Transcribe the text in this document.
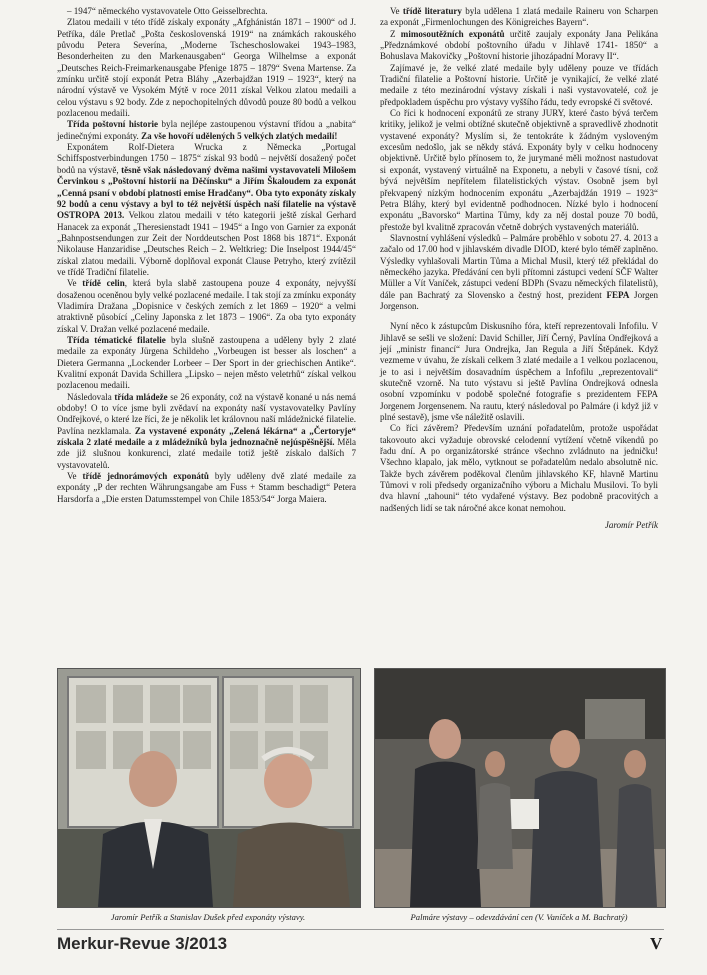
– 1947“ německého vystavovatele Otto Geisselbrechta.

Zlatou medaili v této třídě získaly exponáty „Afghánistán 1871 – 1900“ od J. Petříka, dále Pretlač „Pošta československá 1919“ na známkách rakouského původu Petera Severína, „Moderne Tscheschoslowakei 1943–1983, Besonderheiten zu den Markenausgaben“ Georga Wilhelmse a exponát „Deutsches Reich-Freimarkenausgabe Pfenige 1875 – 1879“ Svena Martense. Za zmínku určitě stojí exponát Petra Bláhy „Azerbajdžan 1919 – 1923“, který na národní výstavě ve Vysokém Mýtě v roce 2011 získal Velkou zlatou medaili a celou výstavu s 92 body. Zde z nepochopitelných důvodů pouze 80 bodů a velkou pozlacenou medaili.

Třída poštovní historie byla nejlépe zastoupenou výstavní třídou a „nabita“ jedinečnými exponáty. Za vše hovoří udělených 5 velkých zlatých medailí!

Exponátem Rolf-Dietera Wrucka z Německa „Portugal Schiffspostverbindungen 1750 – 1875“ získal 93 bodů – největší dosažený počet bodů na výstavě, těsně však následovaný dvěma našimi vystavovateli Milošem Červinkou s „Poštovní historií na Děčínsku“ a Jiřím Škaloudem za exponát „Cenná psaní v období platnosti emise Hradčany“. Oba tyto exponáty získaly 92 bodů a cenu výstavy a byl to též největší úspěch naší filatelie na výstavě OSTROPA 2013. Velkou zlatou medaili v této kategorii ještě získal Gerhard Hanacek za exponát „Theresienstadt 1941 – 1945“ a Ingo von Garnier za exponát „Bahnpostsendungen zur Zeit der Norddeutschen Post 1868 bis 1871“. Exponát Nikolause Hanzaridise „Deutsches Reich – 2. Weltkrieg: Die Inselpost 1944/45“ získal zlatou medaili. Výborně doplňoval exponát Clause Petryho, který zvítězil ve třídě Tradiční filatelie.

Ve třídě celin, která byla slabě zastoupena pouze 4 exponáty, nejvyšší dosaženou oceněnou byly velké pozlacené medaile. I tak stojí za zmínku exponáty Vladimíra Dražana „Dopisnice v českých zemích z let 1869 – 1920“ a velmi atraktivně působící „Celiny Japonska z let 1873 – 1906“. Za oba tyto exponáty získal V. Dražan velké pozlacené medaile.

Třída tématické filatelie byla slušně zastoupena a uděleny byly 2 zlaté medaile za exponáty Jürgena Schildeho „Vorbeugen ist besser als loschen“ a Dietera Germanna „Lockender Lorbeer – Der Sport in der griechischen Antike“. Kvalitní exponát Davida Schillera „Lipsko – nejen město veletrhů“ získal velkou pozlacenou medaili.

Následovala třída mládeže se 26 exponáty, což na výstavě konané u nás nemá obdoby! O to více jsme byli zvědaví na exponáty naší vystavovatelky Pavlíny Ondřejkové, o které lze říci, že je několik let královnou naší mládežnické filatelie. Pavlína nezklamala. Za vystavené exponáty „Zelená lékárna“ a „Čertoryje“ získala 2 zlaté medaile a z mládežníků byla jednoznačně nejúspěšnější. Měla zde již slušnou konkurenci, zlaté medaile totiž ještě získalo dalších 7 vystavovatelů.

Ve třídě jednorámových exponátů byly uděleny dvě zlaté medaile za exponáty „P der rechten Währungsangabe am Fuss + Stamm beschadigt“ Petera Harsdorfa a „Die ersten Datumsstempel von Chile 1853/54“ Jorga Maiera.

Ve třídě literatury byla udělena 1 zlatá medaile Raineru von Scharpen za exponát „Firmenlochungen des Königreiches Bayern“.

Z mimosoutěžních exponátů určitě zaujaly exponáty Jana Pelikána „Předznámkové období poštovního úřadu v Jihlavě 1741- 1850“ a Bohuslava Makovičky „Poštovní historie jihozápadní Moravy II“.

Zajímavé je, že velké zlaté medaile byly uděleny pouze ve třídách Tradiční filatelie a Poštovní historie. Určitě je vynikající, že velké zlaté medaile z této mezinárodní výstavy získali i naši vystavovatelé, což je předpokladem úspěchu pro výstavy vyššího řádu, tedy evropské či světové.

Co říci k hodnocení exponátů ze strany JURY, které často bývá terčem kritiky, jelikož je velmi obtížné skutečně objektivně a spravedlivě zhodnotit vystavené exponáty? Myslím si, že tentokráte k žádným vysloveným excesům nedošlo, jak se někdy stává. Exponáty byly v celku hodnoceny objektivně. Určitě bylo přínosem to, že jurymané měli možnost nastudovat si exponát, vystavený virtuálně na Exponetu, a nebyli v časové tísni, což bývá největším nepřítelem filatelistických výstav. Osobně jsem byl překvapený nízkým hodnocením exponátu „Azerbajdžán 1919 – 1923“ Petra Bláhy, který byl evidentně podhodnocen. Nízké bylo i hodnocení exponátu „Bavorsko“ Martina Tůmy, kdy za něj dostal pouze 70 bodů, přestože byl kvalitně zpracován včetně dobrých vystavených materiálů.

Slavnostní vyhlášení výsledků – Palmáre proběhlo v sobotu 27. 4. 2013 a začalo od 17.00 hod v jihlavském divadle DIOD, které bylo téměř zaplněno. Výsledky vyhlašovali Martin Tůma a Michal Musil, který též překládal do německého jazyka. Předávání cen byli přítomni zástupci vedení SČF Walter Müller a Vít Vaníček, zástupci vedení BDPh (Svazu německých filatelistů), dále pan Bachratý za Slovensko a čestný host, prezident FEPA Jorgen Jorgenson.

Nyní něco k zástupcům Diskusního fóra, kteří reprezentovali Infofilu. V Jihlavě se sešli ve složení: David Schiller, Jiří Černý, Pavlína Ondřejková a její „ministr financí“ Jura Ondrejka, Jan Regula a Jiří Štěpánek. Když vezmeme v úvahu, že získali celkem 3 zlaté medaile a 1 velkou pozlacenou, je to asi i největším dosavadním úspěchem a Infofilu „reprezentovali“ skutečně vzorně. Na tuto výstavu si ještě Pavlína Ondrejková odnesla osobní vzpomínku v podobě společné fotografie s prezidentem FEPA Jorgenem Jorgensenem. Na rautu, který následoval po Palmáre (i když již v plné sestavě), jsme vše náležitě oslavili.

Co říci závěrem? Především uznání pořadatelům, protože uspořádat takovouto akci vyžaduje obrovské celodenní vytížení včetně víkendů po řadu dní. A po organizátorské stránce všechno zvládnuto na jedničku! Všechno klapalo, jak mělo, vytknout se pořadatelům nedalo absolutně nic. Takže bych závěrem poděkoval členům jihlavského KF, hlavně Martinu Tůmovi v roli předsedy organizačního výboru a Michalu Musilovi. To byli dva hlavní „tahouni“ této vydařené výstavy. Bez podobně pracovitých a nadšených lidí se tak náročné akce konat nemohou.

Jaromír Petřík

Jaromír Petřík a Stanislav Dušek před exponáty výstavy.	Palmáre výstavy – odevzdávání cen (V. Vaníček a M. Bachratý)
Merkur-Revue 3/2013	V
